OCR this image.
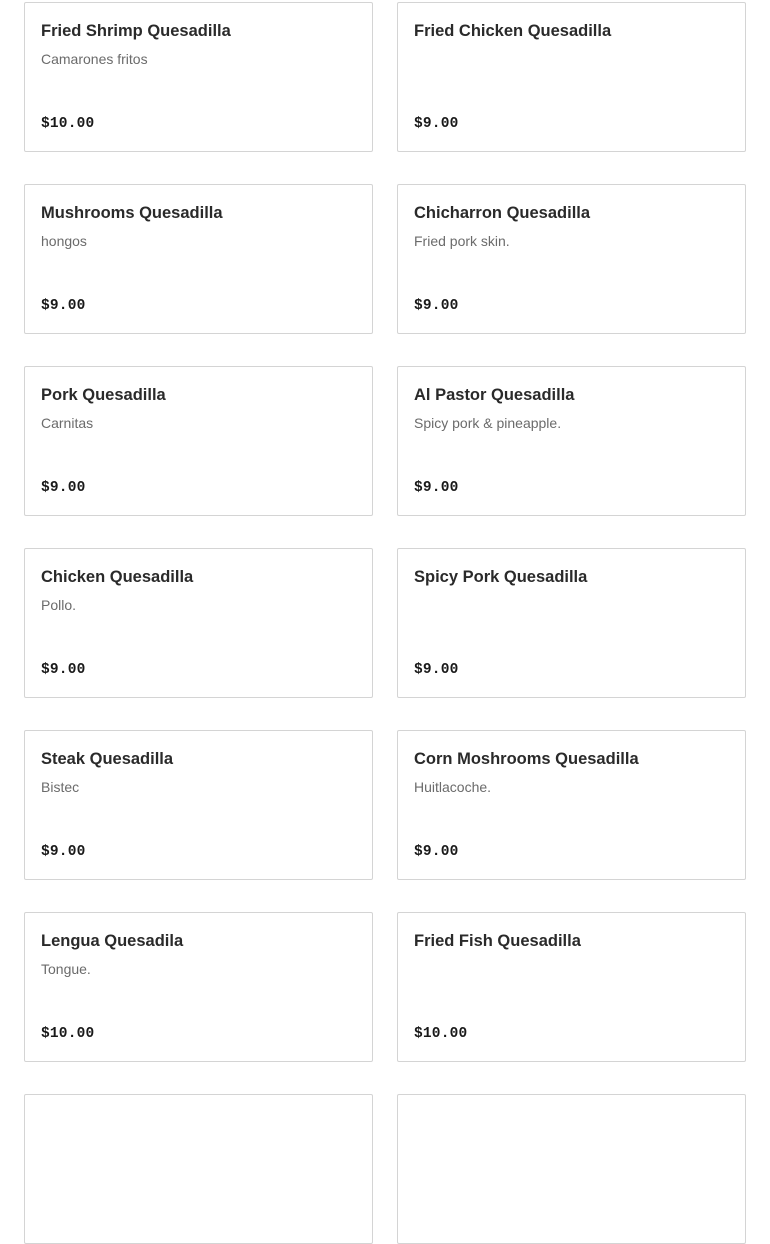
Fried Shrimp Quesadilla
Camarones fritos
$10.00
Fried Chicken Quesadilla
$9.00
Mushrooms Quesadilla
hongos
$9.00
Chicharron Quesadilla
Fried pork skin.
$9.00
Pork Quesadilla
Carnitas
$9.00
Al Pastor Quesadilla
Spicy pork & pineapple.
$9.00
Chicken Quesadilla
Pollo.
$9.00
Spicy Pork Quesadilla
$9.00
Steak Quesadilla
Bistec
$9.00
Corn Moshrooms Quesadilla
Huitlacoche.
$9.00
Lengua Quesadila
Tongue.
$10.00
Fried Fish Quesadilla
$10.00
